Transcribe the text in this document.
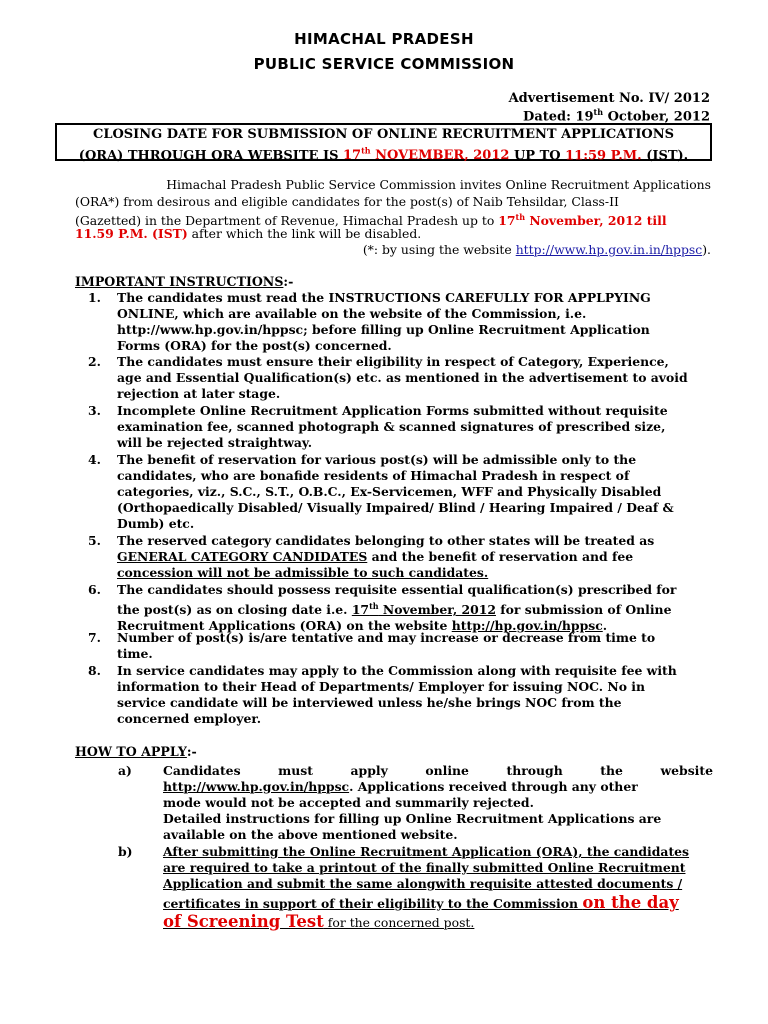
HIMACHAL PRADESH
PUBLIC SERVICE COMMISSION
Advertisement No. IV/ 2012
Dated: 19th October, 2012
CLOSING DATE FOR SUBMISSION OF ONLINE RECRUITMENT APPLICATIONS
(ORA) THROUGH ORA WEBSITE IS 17th NOVEMBER, 2012 UP TO 11:59 P.M. (IST).
Himachal Pradesh Public Service Commission invites Online Recruitment Applications
(ORA*) from desirous and eligible candidates for the post(s) of Naib Tehsildar, Class-II
(Gazetted) in the Department of Revenue, Himachal Pradesh up to 17th November, 2012 till
11.59 P.M. (IST) after which the link will be disabled.
(*: by using the website http://www.hp.gov.in.in/hppsc).
IMPORTANT INSTRUCTIONS:-
1.	The candidates must read the INSTRUCTIONS CAREFULLY FOR APPLPYING
ONLINE, which are available on the website of the Commission, i.e.
http://www.hp.gov.in/hppsc; before filling up Online Recruitment Application
Forms (ORA) for the post(s) concerned.
2.	The candidates must ensure their eligibility in respect of Category, Experience,
age and Essential Qualification(s) etc. as mentioned in the advertisement to avoid
rejection at later stage.
3.	Incomplete Online Recruitment Application Forms submitted without requisite
examination fee, scanned photograph & scanned signatures of prescribed size,
will be rejected straightway.
4.	The benefit of reservation for various post(s) will be admissible only to the
candidates, who are bonafide residents of Himachal Pradesh in respect of
categories, viz., S.C., S.T., O.B.C., Ex-Servicemen, WFF and Physically Disabled
(Orthopaedically Disabled/ Visually Impaired/ Blind / Hearing Impaired / Deaf &
Dumb) etc.
5.	The reserved category candidates belonging to other states will be treated as
GENERAL CATEGORY CANDIDATES and the benefit of reservation and fee
concession will not be admissible to such candidates.
6.	The candidates should possess requisite essential qualification(s) prescribed for
the post(s) as on closing date i.e. 17th November, 2012 for submission of Online
Recruitment Applications (ORA) on the website http://hp.gov.in/hppsc.
7.	Number of post(s) is/are tentative and may increase or decrease from time to
time.
8.	In service candidates may apply to the Commission along with requisite fee with
information to their Head of Departments/ Employer for issuing NOC. No in
service candidate will be interviewed unless he/she brings NOC from the
concerned employer.
HOW TO APPLY:-
a)	Candidates must apply online through the website
http://www.hp.gov.in/hppsc. Applications received through any other
mode would not be accepted and summarily rejected.
Detailed instructions for filling up Online Recruitment Applications are
available on the above mentioned website.
b) After submitting the Online Recruitment Application (ORA), the candidates
are required to take a printout of the finally submitted Online Recruitment
Application and submit the same alongwith requisite attested documents /
certificates in support of their eligibility to the Commission on the day
of Screening Test for the concerned post.
